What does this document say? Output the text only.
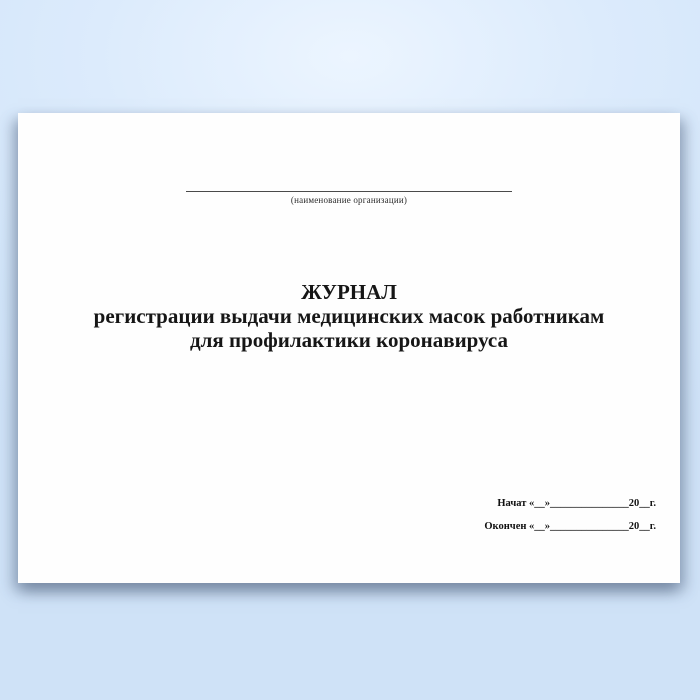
(наименование организации)
ЖУРНАЛ
регистрации выдачи медицинских масок работникам
для профилактики коронавируса
Начат «__»_______________20__г.
Окончен «__»_______________20__г.
